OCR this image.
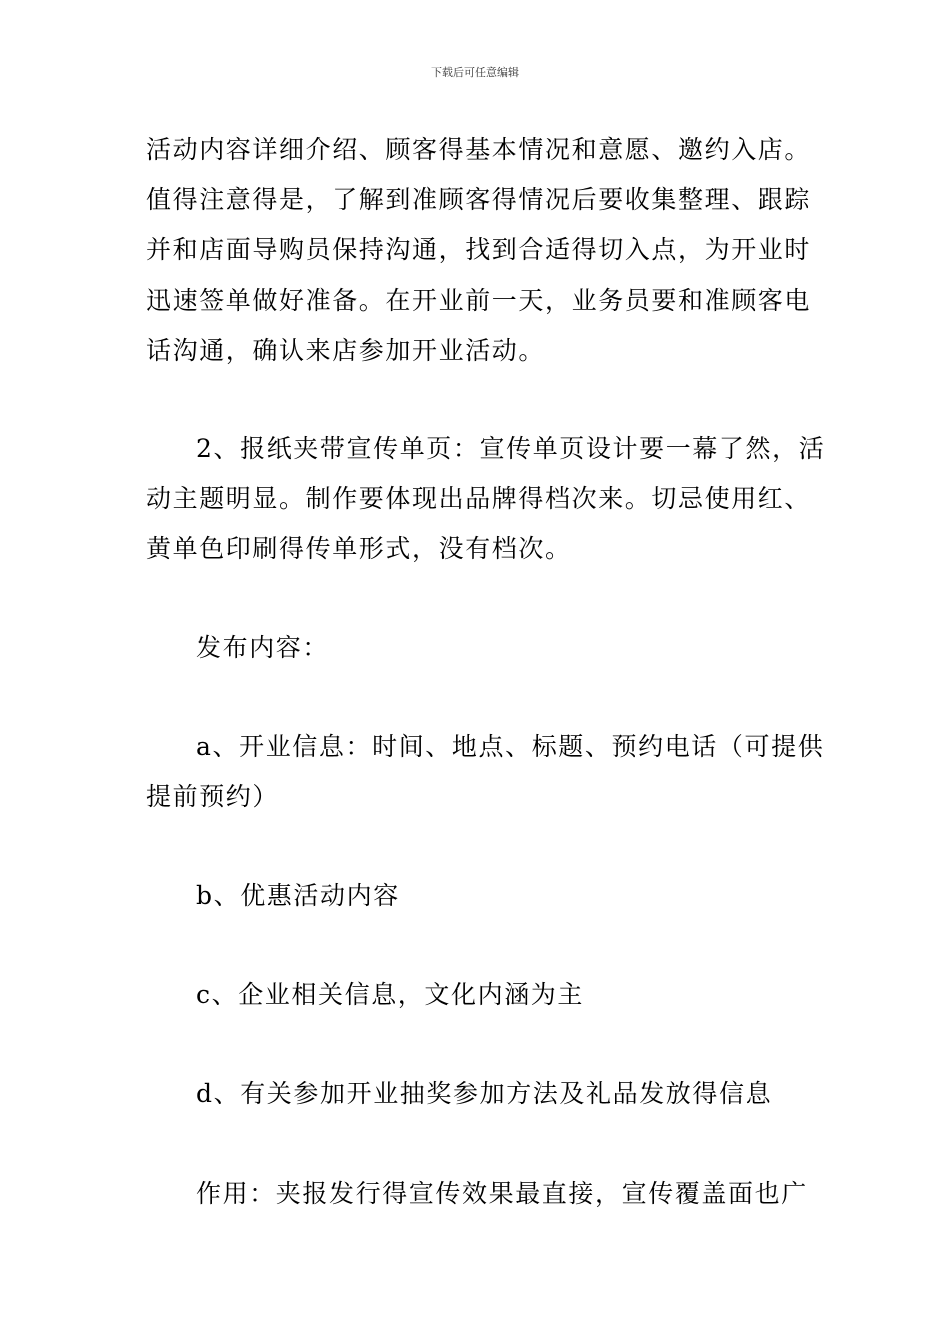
下载后可任意编辑
活动内容详细介绍、顾客得基本情况和意愿、邀约入店。
值得注意得是，了解到准顾客得情况后要收集整理、跟踪
并和店面导购员保持沟通，找到合适得切入点，为开业时
迅速签单做好准备。在开业前一天，业务员要和准顾客电
话沟通，确认来店参加开业活动。
2、报纸夹带宣传单页：宣传单页设计要一幕了然，活
动主题明显。制作要体现出品牌得档次来。切忌使用红、
黄单色印刷得传单形式，没有档次。
发布内容：
a、开业信息：时间、地点、标题、预约电话（可提供
提前预约）
b、优惠活动内容
c、企业相关信息，文化内涵为主
d、有关参加开业抽奖参加方法及礼品发放得信息
作用：夹报发行得宣传效果最直接，宣传覆盖面也广
